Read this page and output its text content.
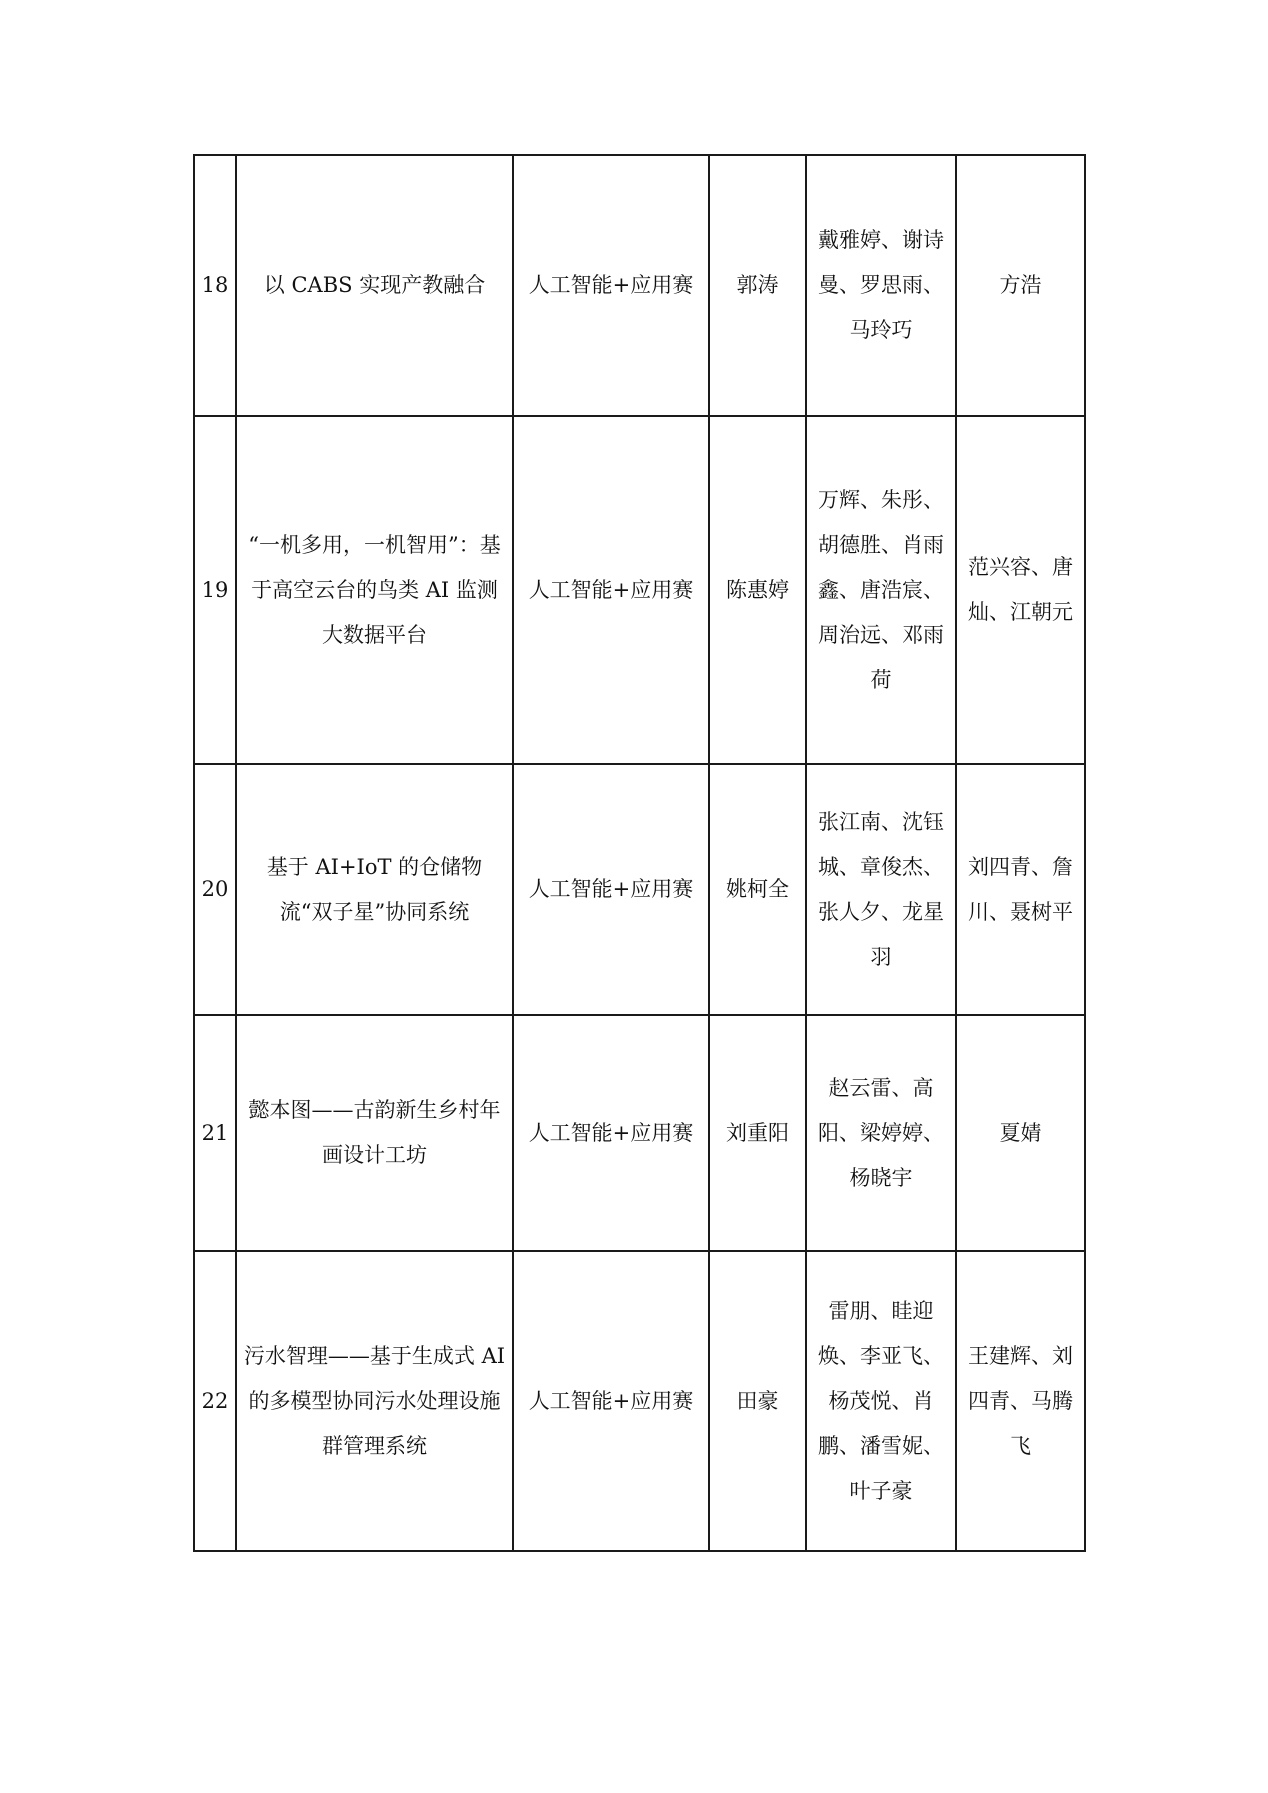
18	以 CABS 实现产教融合	人工智能+应用赛	郭涛	戴雅婷、谢诗曼、罗思雨、马玲巧	方浩
19	“一机多用，一机智用”：基于高空云台的鸟类 AI 监测大数据平台	人工智能+应用赛	陈惠婷	万辉、朱彤、胡德胜、肖雨鑫、唐浩宸、周治远、邓雨荷	范兴容、唐灿、江朝元
20	基于 AI+IoT 的仓储物流“双子星”协同系统	人工智能+应用赛	姚柯全	张江南、沈钰城、章俊杰、张人夕、龙星羽	刘四青、詹川、聂树平
21	懿本图——古韵新生乡村年画设计工坊	人工智能+应用赛	刘重阳	赵云雷、高阳、梁婷婷、杨晓宇	夏婧
22	污水智理——基于生成式 AI 的多模型协同污水处理设施群管理系统	人工智能+应用赛	田豪	雷朋、眭迎焕、李亚飞、杨茂悦、肖鹏、潘雪妮、叶子豪	王建辉、刘四青、马腾飞
